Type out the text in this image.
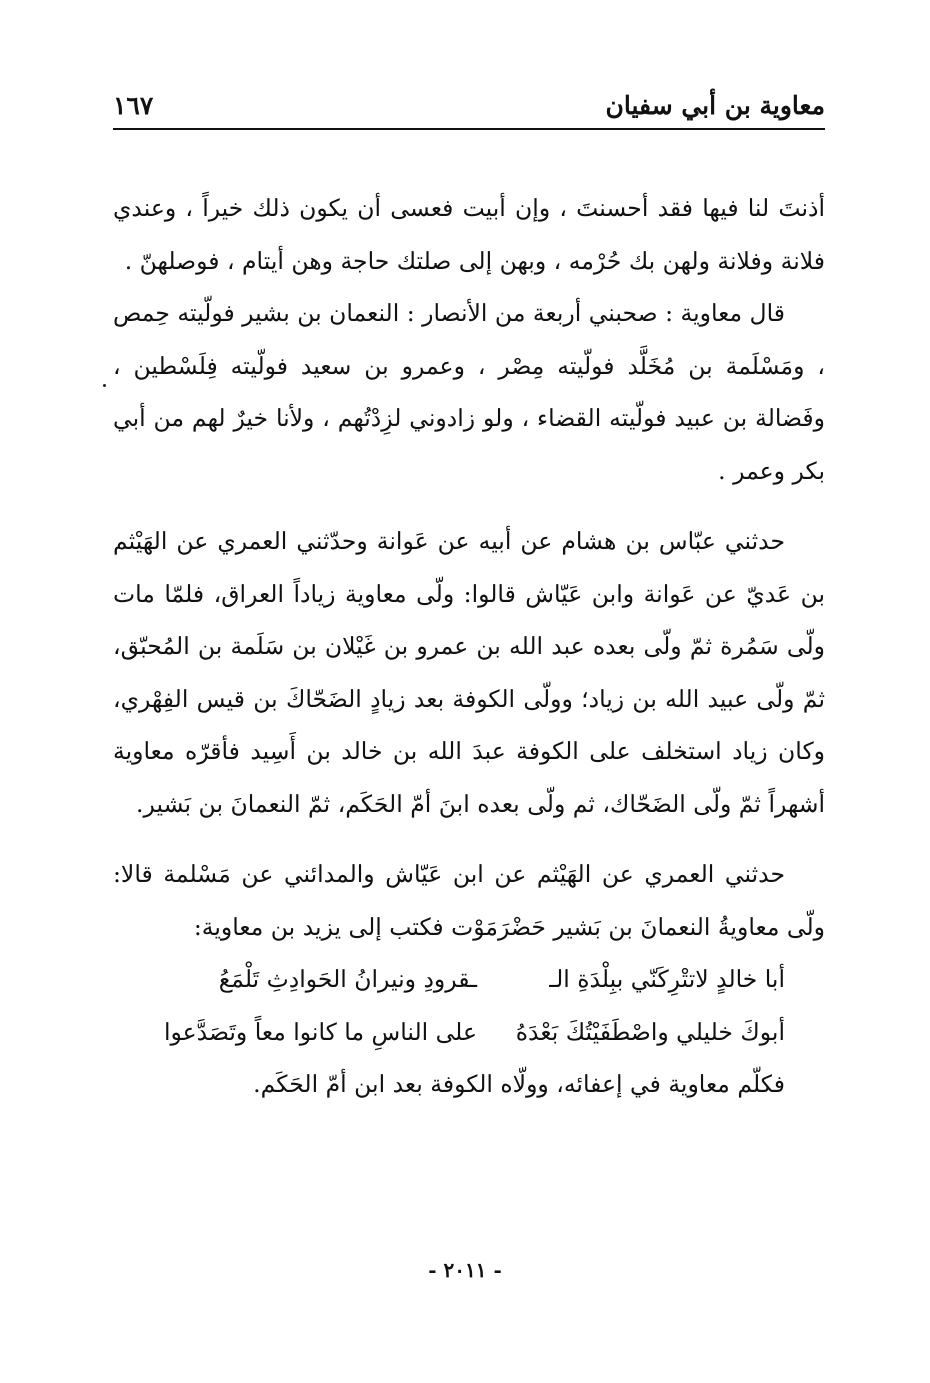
معاوية بن أبي سفيان
١٦٧

أذنتَ لنا فيها فقد أحسنتَ ، وإن أبيت فعسى أن يكون ذلك خيراً ، وعندي فلانة وفلانة ولهن بك حُرْمه ، وبهن إلى صلتك حاجة وهن أيتام ، فوصلهنّ .

قال معاوية : صحبني أربعة من الأنصار : النعمان بن بشير فولّيته حِمص ، ومَسْلَمة بن مُخَلَّد فولّيته مِصْر ، وعمرو بن سعيد فولّيته فِلَسْطين ، وفَضالة بن عبيد فولّيته القضاء ، ولو زادوني لزِدْتُهم ، ولأنا خيرٌ لهم من أبي بكر وعمر .

حدثني عبّاس بن هشام عن أبيه عن عَوانة وحدّثني العمري عن الهَيْثم بن عَديّ عن عَوانة وابن عَيّاش قالوا: ولّى معاوية زياداً العراق، فلمّا مات ولّى سَمُرة ثمّ ولّى بعده عبد الله بن عمرو بن غَيْلان بن سَلَمة بن المُحبّق، ثمّ ولّى عبيد الله بن زياد؛ وولّى الكوفة بعد زيادٍ الضَحّاكَ بن قيس الفِهْري، وكان زياد استخلف على الكوفة عبدَ الله بن خالد بن أَسِيد فأقرّه معاوية أشهراً ثمّ ولّى الضَحّاك، ثم ولّى بعده ابنَ أمّ الحَكَم، ثمّ النعمانَ بن بَشير.

حدثني العمري عن الهَيْثم عن ابن عَيّاش والمدائني عن مَسْلمة قالا: ولّى معاويةُ النعمانَ بن بَشير حَضْرَمَوْت فكتب إلى يزيد بن معاوية:

أبا خالدٍ لاتتْرِكَنّي ببِلْدَةِ الـ
ـقرودِ ونيرانُ الحَوادِثِ تَلْمَعُ
أبوكَ خليلي واصْطَفَيْتُكَ بَعْدَهُ
على الناسِ ما كانوا معاً وتَصَدَّعوا

فكلّم معاوية في إعفائه، وولّاه الكوفة بعد ابن أمّ الحَكَم.

- ٢٠١١ -
